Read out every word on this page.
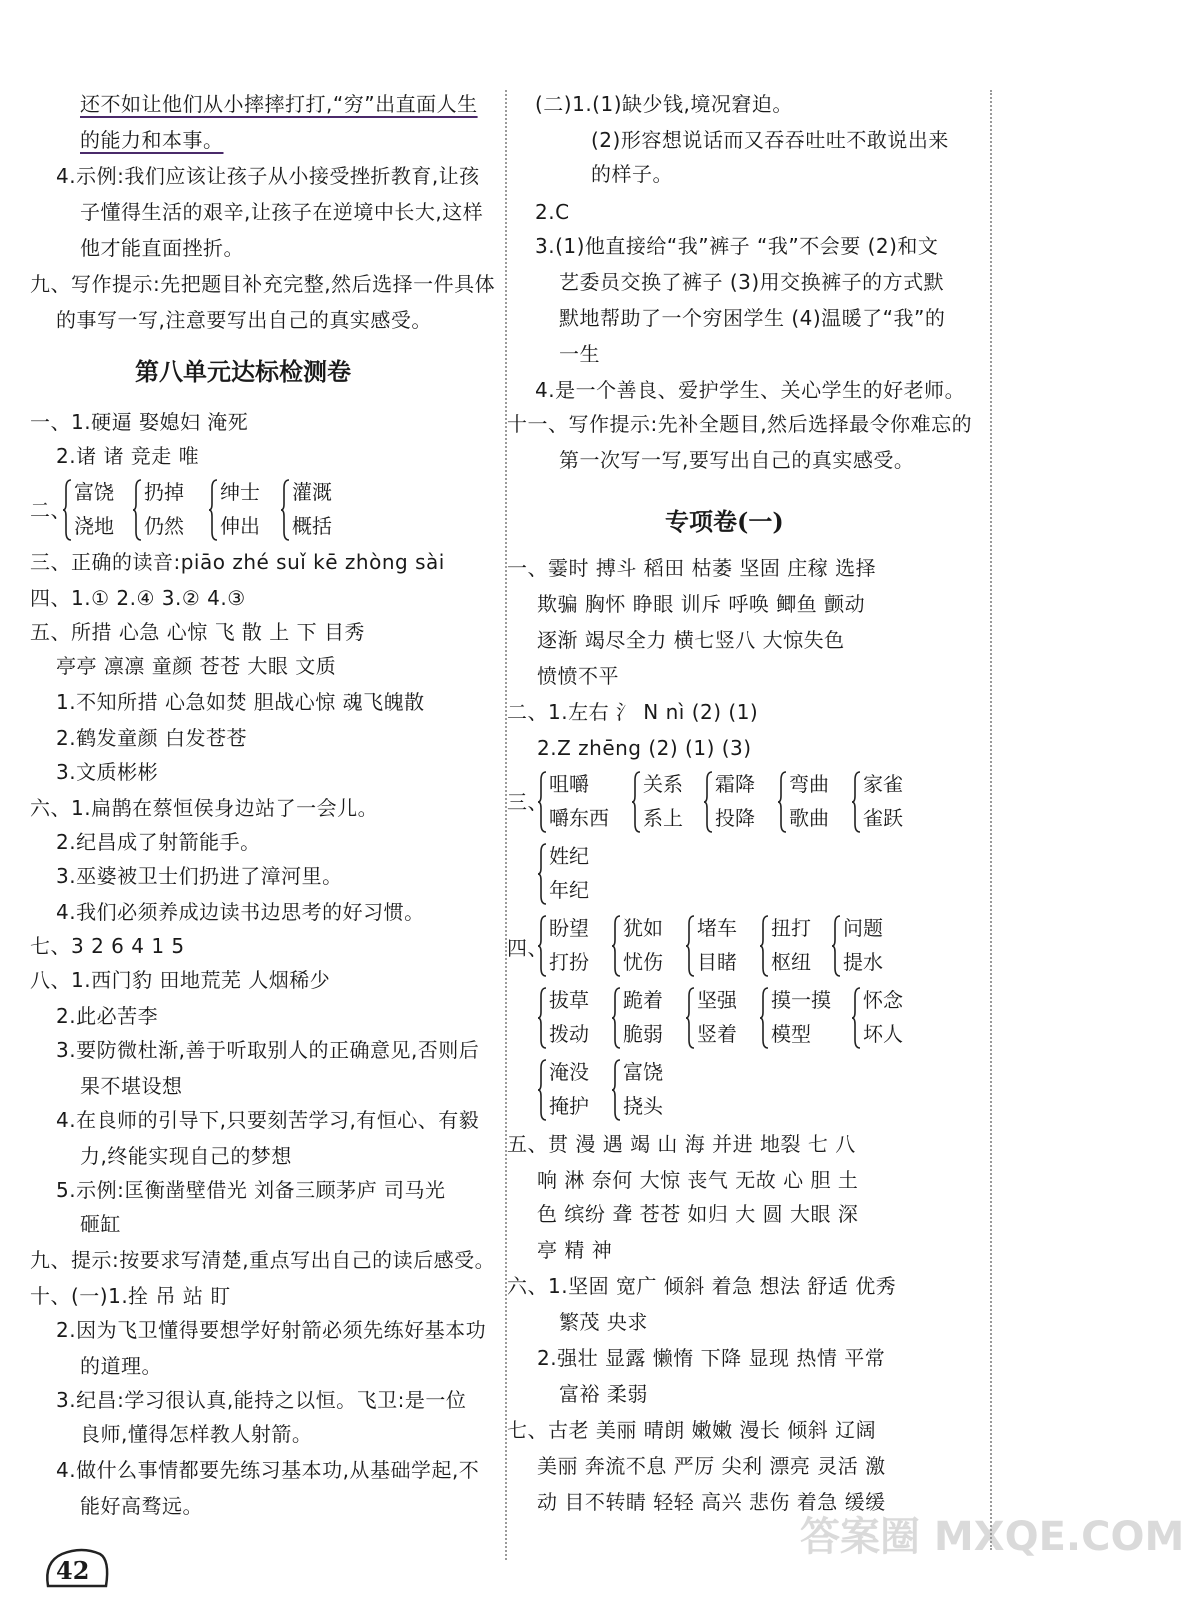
还不如让他们从小摔摔打打,“穷”出直面人生
的能力和本事。
4.示例:我们应该让孩子从小接受挫折教育,让孩
子懂得生活的艰辛,让孩子在逆境中长大,这样
他才能直面挫折。
九、写作提示:先把题目补充完整,然后选择一件具体
的事写一写,注意要写出自己的真实感受。
第八单元达标检测卷
一、1.硬逼 娶媳妇 淹死
2.诸 诸 竞走 唯
二、
富饶
浇地
扔掉
仍然
绅士
伸出
灌溉
概括
三、正确的读音:piāo zhé suǐ kē zhòng sài
四、1.① 2.④ 3.② 4.③
五、所措 心急 心惊 飞 散 上 下 目秀
亭亭 凛凛 童颜 苍苍 大眼 文质
1.不知所措 心急如焚 胆战心惊 魂飞魄散
2.鹤发童颜 白发苍苍
3.文质彬彬
六、1.扁鹊在蔡恒侯身边站了一会儿。
2.纪昌成了射箭能手。
3.巫婆被卫士们扔进了漳河里。
4.我们必须养成边读书边思考的好习惯。
七、3 2 6 4 1 5
八、1.西门豹 田地荒芜 人烟稀少
2.此必苦李
3.要防微杜渐,善于听取别人的正确意见,否则后
果不堪设想
4.在良师的引导下,只要刻苦学习,有恒心、有毅
力,终能实现自己的梦想
5.示例:匡衡凿壁借光 刘备三顾茅庐 司马光
砸缸
九、提示:按要求写清楚,重点写出自己的读后感受。
十、(一)1.拴 吊 站 盯
2.因为飞卫懂得要想学好射箭必须先练好基本功
的道理。
3.纪昌:学习很认真,能持之以恒。飞卫:是一位
良师,懂得怎样教人射箭。
4.做什么事情都要先练习基本功,从基础学起,不
能好高骛远。
(二)1.(1)缺少钱,境况窘迫。
(2)形容想说话而又吞吞吐吐不敢说出来
的样子。
2.C
3.(1)他直接给“我”裤子 “我”不会要 (2)和文
艺委员交换了裤子 (3)用交换裤子的方式默
默地帮助了一个穷困学生 (4)温暖了“我”的
一生
4.是一个善良、爱护学生、关心学生的好老师。
十一、写作提示:先补全题目,然后选择最令你难忘的
第一次写一写,要写出自己的真实感受。
专项卷(一)
一、霎时 搏斗 稻田 枯萎 坚固 庄稼 选择
欺骗 胸怀 睁眼 训斥 呼唤 鲫鱼 颤动
逐渐 竭尽全力 横七竖八 大惊失色
愤愤不平
二、1.左右 氵 N nì (2) (1)
2.Z zhēng (2) (1) (3)
三、
咀嚼
嚼东西
关系
系上
霜降
投降
弯曲
歌曲
家雀
雀跃
姓纪
年纪
四、
盼望
打扮
犹如
忧伤
堵车
目睹
扭打
枢纽
问题
提水
拔草
拨动
跪着
脆弱
坚强
竖着
摸一摸
模型
怀念
坏人
淹没
掩护
富饶
挠头
五、贯 漫 遇 竭 山 海 并进 地裂 七 八
响 淋 奈何 大惊 丧气 无故 心 胆 土
色 缤纷 聋 苍苍 如归 大 圆 大眼 深
亭 精 神
六、1.坚固 宽广 倾斜 着急 想法 舒适 优秀
繁茂 央求
2.强壮 显露 懒惰 下降 显现 热情 平常
富裕 柔弱
七、古老 美丽 晴朗 嫩嫩 漫长 倾斜 辽阔
美丽 奔流不息 严厉 尖利 漂亮 灵活 激
动 目不转睛 轻轻 高兴 悲伤 着急 缓缓
42
答案圈 MXQE.COM
